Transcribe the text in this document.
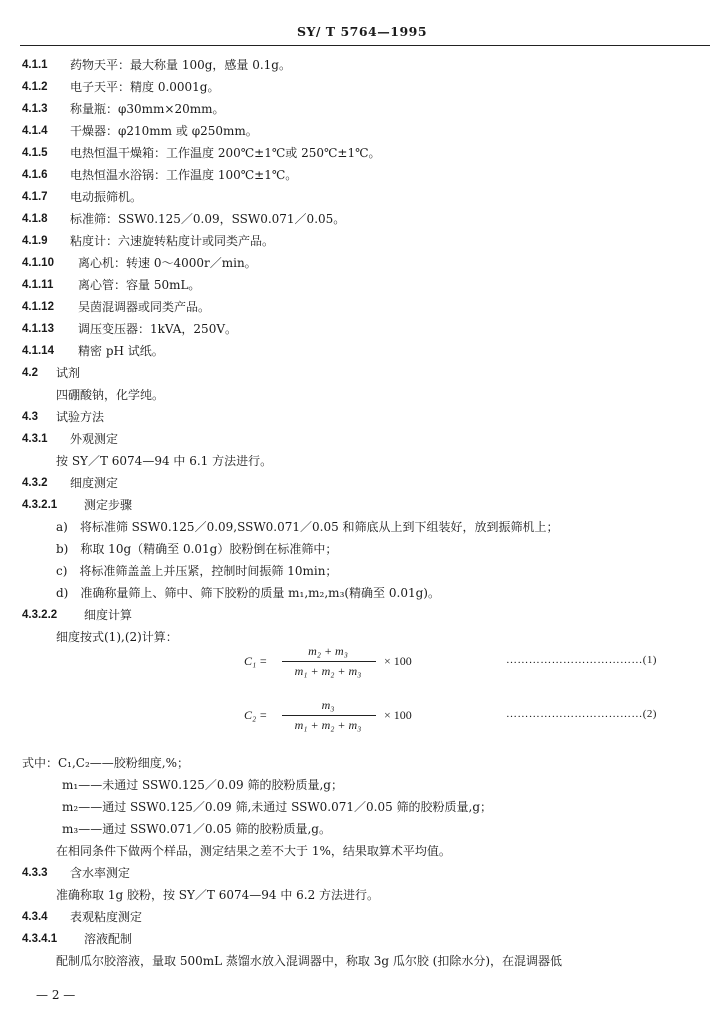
SY/ T 5764—1995
4.1.1 药物天平：最大称量 100g，感量 0.1g。
4.1.2 电子天平：精度 0.0001g。
4.1.3 称量瓶：φ30mm×20mm。
4.1.4 干燥器：φ210mm 或 φ250mm。
4.1.5 电热恒温干燥箱：工作温度 200℃±1℃或 250℃±1℃。
4.1.6 电热恒温水浴锅：工作温度 100℃±1℃。
4.1.7 电动振筛机。
4.1.8 标准筛：SSW0.125／0.09，SSW0.071／0.05。
4.1.9 粘度计：六速旋转粘度计或同类产品。
4.1.10 离心机：转速 0～4000r／min。
4.1.11 离心管：容量 50mL。
4.1.12 吴茵混调器或同类产品。
4.1.13 调压变压器：1kVA，250V。
4.1.14 精密 pH 试纸。
4.2 试剂
四硼酸钠，化学纯。
4.3 试验方法
4.3.1 外观测定
按 SY／T 6074—94 中 6.1 方法进行。
4.3.2 细度测定
4.3.2.1 测定步骤
a)　将标准筛 SSW0.125／0.09,SSW0.071／0.05 和筛底从上到下组装好，放到振筛机上；
b)　称取 10g（精确至 0.01g）胶粉倒在标准筛中；
c)　将标准筛盖盖上并压紧，控制时间振筛 10min；
d)　准确称量筛上、筛中、筛下胶粉的质量 m₁,m₂,m₃(精确至 0.01g)。
4.3.2.2 细度计算
细度按式(1),(2)计算：
C₁ =
m₂ + m₃
m₁ + m₂ + m₃
× 100	………………………………(1)
C₂ =
m₃
m₁ + m₂ + m₃
× 100	………………………………(2)
式中：C₁,C₂——胶粉细度,%；
m₁——未通过 SSW0.125／0.09 筛的胶粉质量,g；
m₂——通过 SSW0.125／0.09 筛,未通过 SSW0.071／0.05 筛的胶粉质量,g；
m₃——通过 SSW0.071／0.05 筛的胶粉质量,g。
在相同条件下做两个样品，测定结果之差不大于 1%，结果取算术平均值。
4.3.3 含水率测定
准确称取 1g 胶粉，按 SY／T 6074—94 中 6.2 方法进行。
4.3.4 表观粘度测定
4.3.4.1 溶液配制
配制瓜尔胶溶液，量取 500mL 蒸馏水放入混调器中，称取 3g 瓜尔胶 (扣除水分)，在混调器低
— 2 —
